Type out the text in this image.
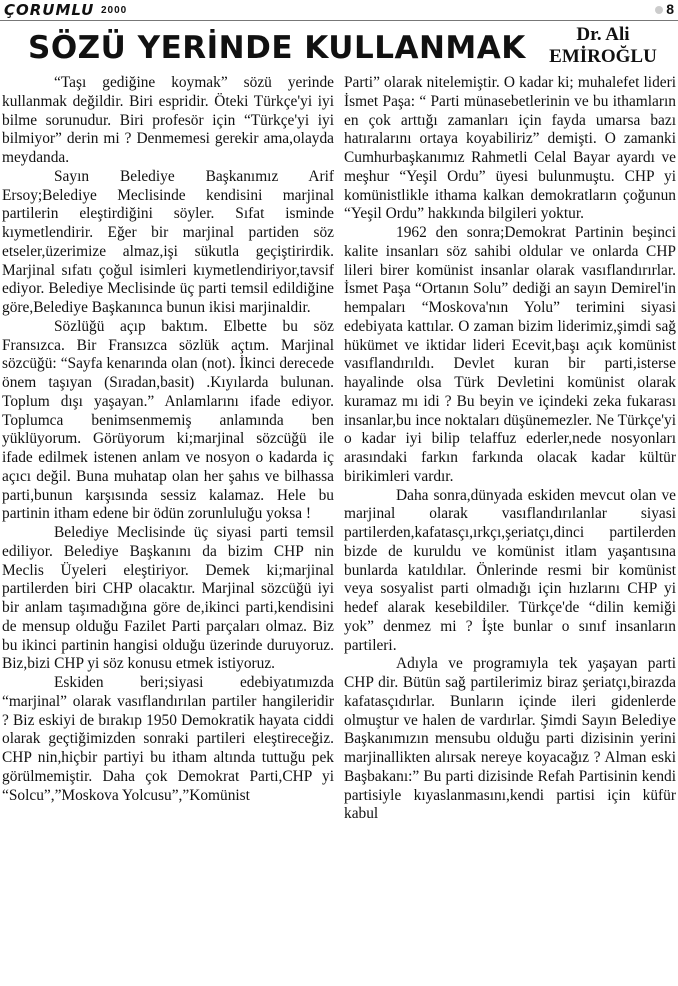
ÇORUMLU 2000	8
SÖZÜ YERİNDE KULLANMAK	Dr. Ali
EMİROĞLU

“Taşı gediğine koymak” sözü yerinde kullanmak değildir. Biri espridir. Öteki Türkçe'yi iyi bilme sorunudur. Biri profesör için “Türkçe'yi iyi bilmiyor” derin mi ? Denmemesi gerekir ama,olayda meydanda.

Sayın Belediye Başkanımız Arif Ersoy;Belediye Meclisinde kendisini marjinal partilerin eleştirdiğini söyler. Sıfat isminde kıymetlendirir. Eğer bir marjinal partiden söz etseler,üzerimize almaz,işi sükutla geçiştirirdik. Marjinal sıfatı çoğul isimleri kıymetlendiriyor,tavsif ediyor. Belediye Meclisinde üç parti temsil edildiğine göre,Belediye Başkanınca bunun ikisi marjinaldir.

Sözlüğü açıp baktım. Elbette bu söz Fransızca. Bir Fransızca sözlük açtım. Marjinal sözcüğü: “Sayfa kenarında olan (not). İkinci derecede önem taşıyan (Sıradan,basit) .Kıyılarda bulunan. Toplum dışı yaşayan.” Anlamlarını ifade ediyor. Toplumca benimsenmemiş anlamında ben yüklüyorum. Görüyorum ki;marjinal sözcüğü ile ifade edilmek istenen anlam ve nosyon o kadarda iç açıcı değil. Buna muhatap olan her şahıs ve bilhassa parti,bunun karşısında sessiz kalamaz. Hele bu partinin itham edene bir ödün zorunluluğu yoksa !

Belediye Meclisinde üç siyasi parti temsil ediliyor. Belediye Başkanını da bizim CHP nin Meclis Üyeleri eleştiriyor. Demek ki;marjinal partilerden biri CHP olacaktır. Marjinal sözcüğü iyi bir anlam taşımadığına göre de,ikinci parti,kendisini de mensup olduğu Fazilet Parti parçaları olmaz. Biz bu ikinci partinin hangisi olduğu üzerinde duruyoruz. Biz,bizi CHP yi söz konusu etmek istiyoruz.

Eskiden beri;siyasi edebiyatımızda “marjinal” olarak vasıflandırılan partiler hangileridir ? Biz eskiyi de bırakıp 1950 Demokratik hayata ciddi olarak geçtiğimizden sonraki partileri eleştireceğiz. CHP nin,hiçbir partiyi bu itham altında tuttuğu pek görülmemiştir. Daha çok Demokrat Parti,CHP yi “Solcu”,”Moskova Yolcusu”,”Komünist

Parti” olarak nitelemiştir. O kadar ki; muhalefet lideri İsmet Paşa: “ Parti münasebetlerinin ve bu ithamların en çok arttığı zamanları için fayda umarsa bazı hatıralarını ortaya koyabiliriz” demişti. O zamanki Cumhurbaşkanımız Rahmetli Celal Bayar ayardı ve meşhur “Yeşil Ordu” üyesi bulunmuştu. CHP yi komünistlikle ithama kalkan demokratların çoğunun “Yeşil Ordu” hakkında bilgileri yoktur.

1962 den sonra;Demokrat Partinin beşinci kalite insanları söz sahibi oldular ve onlarda CHP lileri birer komünist insanlar olarak vasıflandırırlar. İsmet Paşa “Ortanın Solu” dediği an sayın Demirel'in hempaları “Moskova'nın Yolu” terimini siyasi edebiyata kattılar. O zaman bizim liderimiz,şimdi sağ hükümet ve iktidar lideri Ecevit,başı açık komünist vasıflandırıldı. Devlet kuran bir parti,isterse hayalinde olsa Türk Devletini komünist olarak kuramaz mı idi ? Bu beyin ve içindeki zeka fukarası insanlar,bu ince noktaları düşünemezler. Ne Türkçe'yi o kadar iyi bilip telaffuz ederler,nede nosyonları arasındaki farkın farkında olacak kadar kültür birikimleri vardır.

Daha sonra,dünyada eskiden mevcut olan ve marjinal olarak vasıflandırılanlar siyasi partilerden,kafatasçı,ırkçı,şeriatçı,dinci partilerden bizde de kuruldu ve komünist itlam yaşantısına bunlarda katıldılar. Önlerinde resmi bir komünist veya sosyalist parti olmadığı için hızlarını CHP yi hedef alarak kesebildiler. Türkçe'de “dilin kemiği yok” denmez mi ? İşte bunlar o sınıf insanların partileri.

Adıyla ve programıyla tek yaşayan parti CHP dir. Bütün sağ partilerimiz biraz şeriatçı,birazda kafatasçıdırlar. Bunların içinde ileri gidenlerde olmuştur ve halen de vardırlar. Şimdi Sayın Belediye Başkanımızın mensubu olduğu parti dizisinin yerini marjinallikten alırsak nereye koyacağız ? Alman eski Başbakanı:” Bu parti dizisinde Refah Partisinin kendi partisiyle kıyaslanmasını,kendi partisi için küfür kabul
